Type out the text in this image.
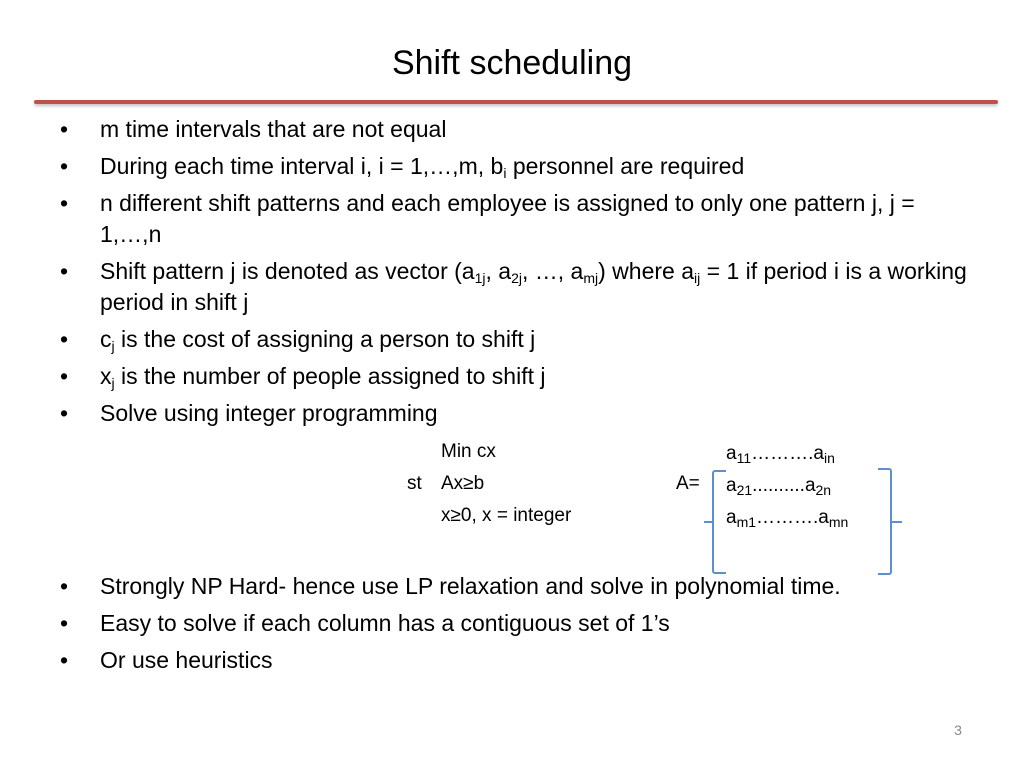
Shift scheduling
• m time intervals that are not equal
• During each time interval i, i = 1,…,m, $b_i$ personnel are required
• n different shift patterns and each employee is assigned to only one pattern j, j = 1,…,n
• Shift pattern j is denoted as vector ($a_{1j}$, $a_{2j}$, …, $a_{mj}$) where $a_{ij} = 1$ if period i is a working period in shift j
• $c_j$ is the cost of assigning a person to shift j
• $x_j$ is the number of people assigned to shift j
• Solve using integer programming
Min cx
st Ax≥b
x≥0, x = integer
A=
$a_{11}\dots\dots\dots.a_{in}$
$a_{21}..........a_{2n}$
$a_{m1}\dots\dots\dots.a_{mn}$
• Strongly NP Hard- hence use LP relaxation and solve in polynomial time.
• Easy to solve if each column has a contiguous set of 1’s
• Or use heuristics
3
